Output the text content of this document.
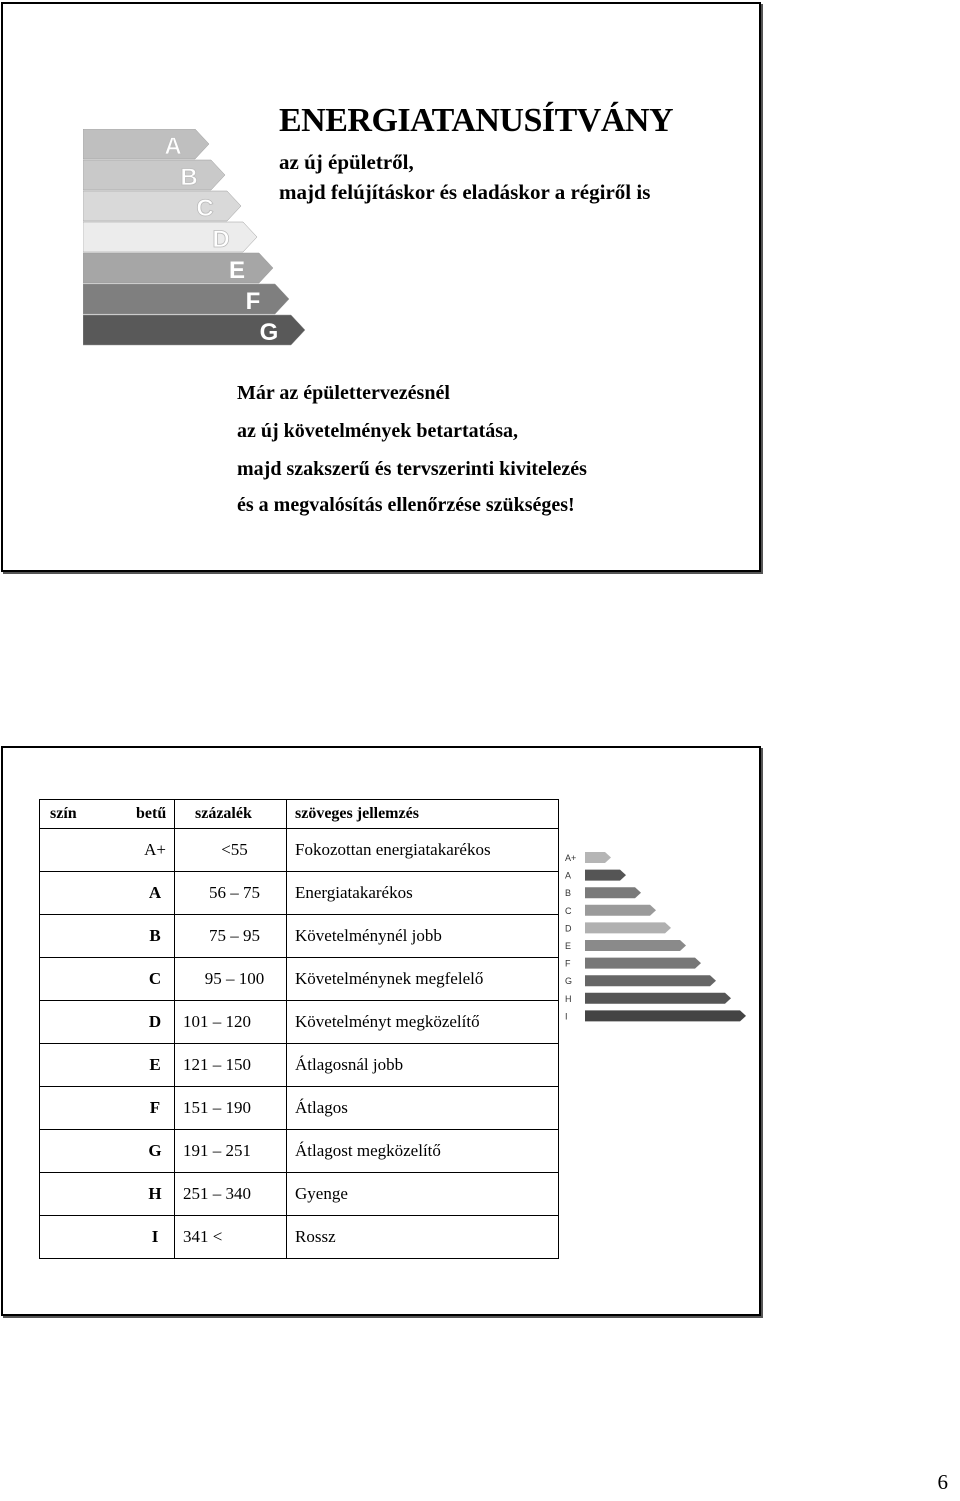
A
B
C
D
E
F
G
ENERGIATANUSÍTVÁNY

az új épületről,

majd felújításkor és eladáskor a régiről is

Már az épülettervezésnél

az új követelmények betartatása,

majd szakszerű és tervszerinti kivitelezés

és a megvalósítás ellenőrzése szükséges!

szín	betű	százalék	szöveges jellemzés
	A+	<55	Fokozottan energiatakarékos
	A	56 – 75	Energiatakarékos
	B	75 – 95	Követelménynél jobb
	C	95 – 100	Követelménynek megfelelő
	D	101 – 120	Követelményt megközelítő
	E	121 – 150	Átlagosnál jobb
	F	151 – 190	Átlagos
	G	191 – 251	Átlagost megközelítő
	H	251 – 340	Gyenge
	I	341 <	Rossz
A+
A
B
C
D
E
F
G
H
I
6
